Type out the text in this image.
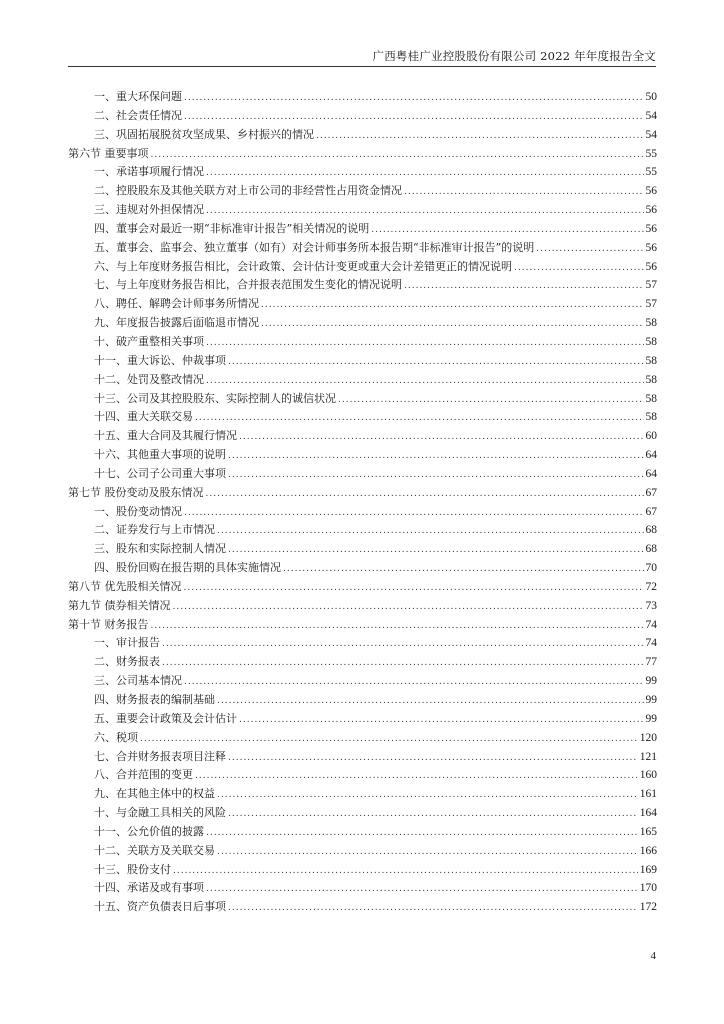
广西粤桂广业控股股份有限公司 2022 年年度报告全文
一、重大环保问题 .....	50
二、社会责任情况 .....	54
三、巩固拓展脱贫攻坚成果、乡村振兴的情况 .....	54
第六节 重要事项 .....	55
一、承诺事项履行情况 .....	55
二、控股股东及其他关联方对上市公司的非经营性占用资金情况 .....	56
三、违规对外担保情况 .....	56
四、董事会对最近一期“非标准审计报告”相关情况的说明 .....	56
五、董事会、监事会、独立董事（如有）对会计师事务所本报告期“非标准审计报告”的说明 .....	56
六、与上年度财务报告相比，会计政策、会计估计变更或重大会计差错更正的情况说明 .....	56
七、与上年度财务报告相比，合并报表范围发生变化的情况说明 .....	57
八、聘任、解聘会计师事务所情况 .....	57
九、年度报告披露后面临退市情况 .....	58
十、破产重整相关事项 .....	58
十一、重大诉讼、仲裁事项 .....	58
十二、处罚及整改情况 .....	58
十三、公司及其控股股东、实际控制人的诚信状况 .....	58
十四、重大关联交易 .....	58
十五、重大合同及其履行情况 .....	60
十六、其他重大事项的说明 .....	64
十七、公司子公司重大事项 .....	64
第七节 股份变动及股东情况 .....	67
一、股份变动情况 .....	67
二、证券发行与上市情况 .....	68
三、股东和实际控制人情况 .....	68
四、股份回购在报告期的具体实施情况 .....	70
第八节 优先股相关情况 .....	72
第九节 债券相关情况 .....	73
第十节 财务报告 .....	74
一、审计报告 .....	74
二、财务报表 .....	77
三、公司基本情况 .....	99
四、财务报表的编制基础 .....	99
五、重要会计政策及会计估计 .....	99
六、税项 .....	120
七、合并财务报表项目注释 .....	121
八、合并范围的变更 .....	160
九、在其他主体中的权益 .....	161
十、与金融工具相关的风险 .....	164
十一、公允价值的披露 .....	165
十二、关联方及关联交易 .....	166
十三、股份支付 .....	169
十四、承诺及或有事项 .....	170
十五、资产负债表日后事项 .....	172
4
